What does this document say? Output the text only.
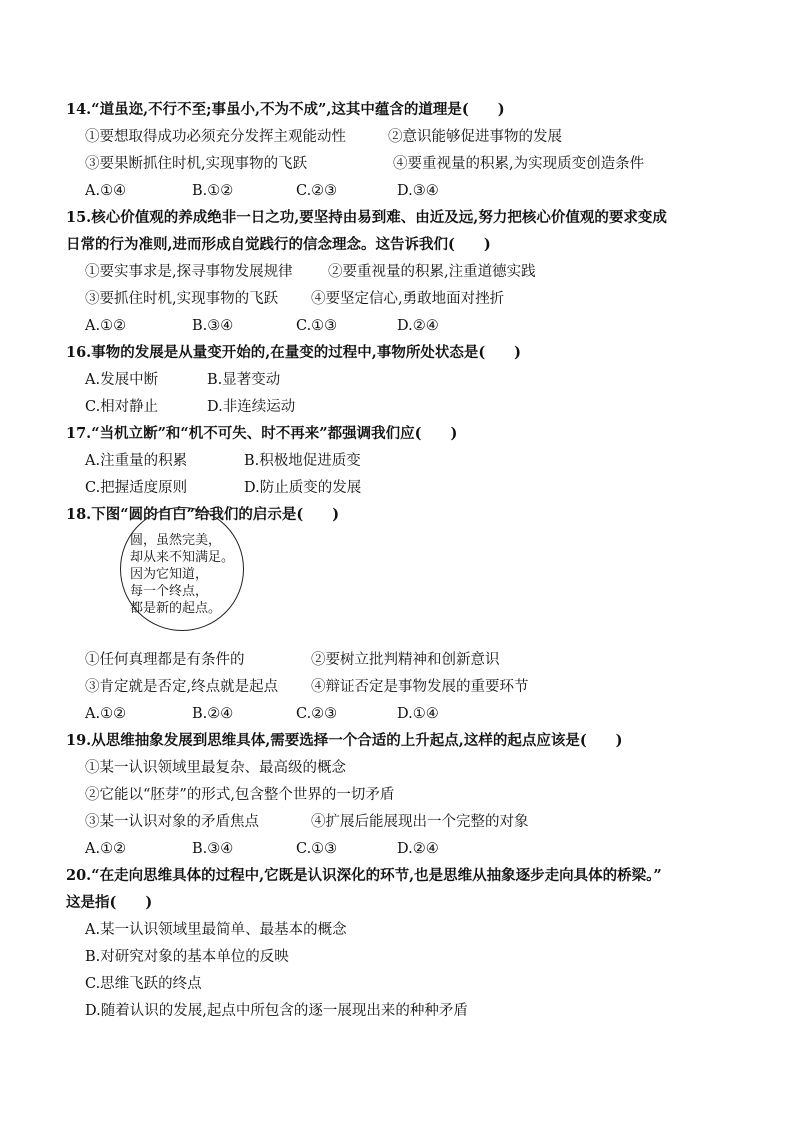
14.“道虽迩,不行不至;事虽小,不为不成”,这其中蕴含的道理是(　　)
①要想取得成功必须充分发挥主观能动性	②意识能够促进事物的发展
③要果断抓住时机,实现事物的飞跃	④要重视量的积累,为实现质变创造条件
A.①④	B.①②	C.②③	D.③④
15.核心价值观的养成绝非一日之功,要坚持由易到难、由近及远,努力把核心价值观的要求变成
日常的行为准则,进而形成自觉践行的信念理念。这告诉我们(　　)
①要实事求是,探寻事物发展规律 ②要重视量的积累,注重道德实践
③要抓住时机,实现事物的飞跃 ④要坚定信心,勇敢地面对挫折
A.①②	B.③④	C.①③	D.②④
16.事物的发展是从量变开始的,在量变的过程中,事物所处状态是(　　)
A.发展中断	B.显著变动
C.相对静止	D.非连续运动
17.“当机立断”和“机不可失、时不再来”都强调我们应(　　)
A.注重量的积累	B.积极地促进质变
C.把握适度原则	D.防止质变的发展
18.下图“圆的自白”给我们的启示是(　　)
圆，虽然完美，
却从来不知满足。
因为它知道，
每一个终点，
都是新的起点。
①任何真理都是有条件的	②要树立批判精神和创新意识
③肯定就是否定,终点就是起点 ④辩证否定是事物发展的重要环节
A.①②	B.②④	C.②③	D.①④
19.从思维抽象发展到思维具体,需要选择一个合适的上升起点,这样的起点应该是(　　)
①某一认识领域里最复杂、最高级的概念
②它能以“胚芽”的形式,包含整个世界的一切矛盾
③某一认识对象的矛盾焦点	④扩展后能展现出一个完整的对象
A.①②	B.③④	C.①③	D.②④
20.“在走向思维具体的过程中,它既是认识深化的环节,也是思维从抽象逐步走向具体的桥梁。”
这是指(　　)
A.某一认识领域里最简单、最基本的概念
B.对研究对象的基本单位的反映
C.思维飞跃的终点
D.随着认识的发展,起点中所包含的逐一展现出来的种种矛盾
